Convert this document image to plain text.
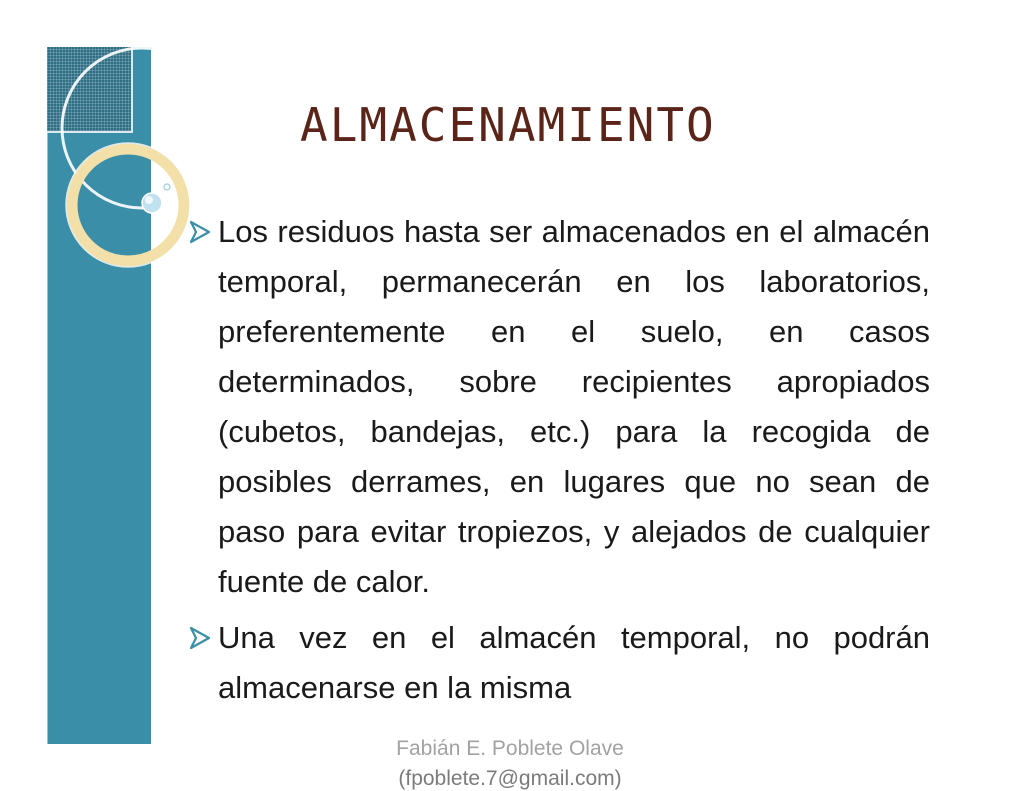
ALMACENAMIENTO
Los residuos hasta ser almacenados en el almacén temporal, permanecerán en los laboratorios, preferentemente en el suelo, en casos determinados, sobre recipientes apropiados (cubetos, bandejas, etc.) para la recogida de posibles derrames, en lugares que no sean de paso para evitar tropiezos, y alejados de cualquier fuente de calor.
Una vez en el almacén temporal, no podrán almacenarse en la misma
Fabián E. Poblete Olave
(fpoblete.7@gmail.com)
